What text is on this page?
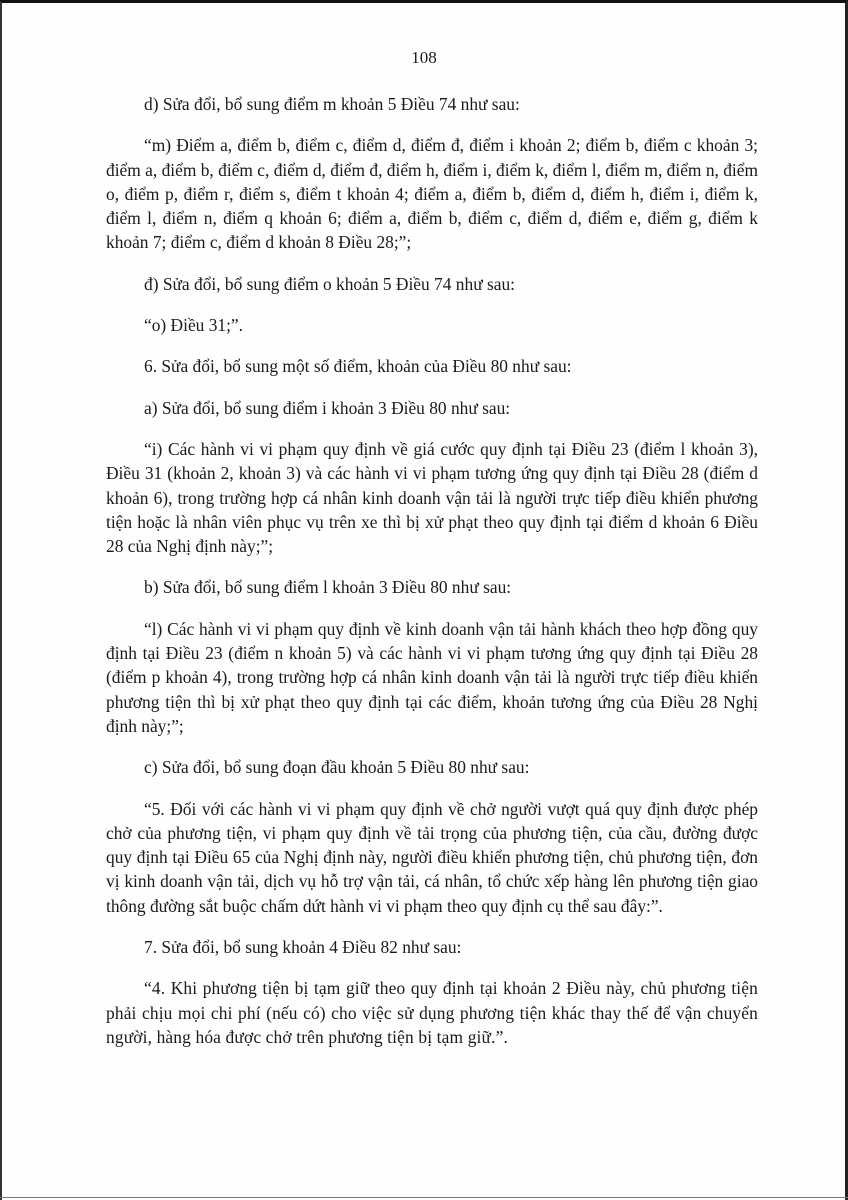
108

d) Sửa đổi, bổ sung điểm m khoản 5 Điều 74 như sau:

“m) Điểm a, điểm b, điểm c, điểm d, điểm đ, điểm i khoản 2; điểm b, điểm c khoản 3; điểm a, điểm b, điểm c, điểm d, điểm đ, điểm h, điểm i, điểm k, điểm l, điểm m, điểm n, điểm o, điểm p, điểm r, điểm s, điểm t khoản 4; điểm a, điểm b, điểm d, điểm h, điểm i, điểm k, điểm l, điểm n, điểm q khoản 6; điểm a, điểm b, điểm c, điểm d, điểm e, điểm g, điểm k khoản 7; điểm c, điểm d khoản 8 Điều 28;”;

đ) Sửa đổi, bổ sung điểm o khoản 5 Điều 74 như sau:

“o) Điều 31;”.

6. Sửa đổi, bổ sung một số điểm, khoản của Điều 80 như sau:

a) Sửa đổi, bổ sung điểm i khoản 3 Điều 80 như sau:

“i) Các hành vi vi phạm quy định về giá cước quy định tại Điều 23 (điểm l khoản 3), Điều 31 (khoản 2, khoản 3) và các hành vi vi phạm tương ứng quy định tại Điều 28 (điểm d khoản 6), trong trường hợp cá nhân kinh doanh vận tải là người trực tiếp điều khiển phương tiện hoặc là nhân viên phục vụ trên xe thì bị xử phạt theo quy định tại điểm d khoản 6 Điều 28 của Nghị định này;”;

b) Sửa đổi, bổ sung điểm l khoản 3 Điều 80 như sau:

“l) Các hành vi vi phạm quy định về kinh doanh vận tải hành khách theo hợp đồng quy định tại Điều 23 (điểm n khoản 5) và các hành vi vi phạm tương ứng quy định tại Điều 28 (điểm p khoản 4), trong trường hợp cá nhân kinh doanh vận tải là người trực tiếp điều khiển phương tiện thì bị xử phạt theo quy định tại các điểm, khoản tương ứng của Điều 28 Nghị định này;”;

c) Sửa đổi, bổ sung đoạn đầu khoản 5 Điều 80 như sau:

“5. Đối với các hành vi vi phạm quy định về chở người vượt quá quy định được phép chở của phương tiện, vi phạm quy định về tải trọng của phương tiện, của cầu, đường được quy định tại Điều 65 của Nghị định này, người điều khiển phương tiện, chủ phương tiện, đơn vị kinh doanh vận tải, dịch vụ hỗ trợ vận tải, cá nhân, tổ chức xếp hàng lên phương tiện giao thông đường sắt buộc chấm dứt hành vi vi phạm theo quy định cụ thể sau đây:”.

7. Sửa đổi, bổ sung khoản 4 Điều 82 như sau:

“4. Khi phương tiện bị tạm giữ theo quy định tại khoản 2 Điều này, chủ phương tiện phải chịu mọi chi phí (nếu có) cho việc sử dụng phương tiện khác thay thế để vận chuyển người, hàng hóa được chở trên phương tiện bị tạm giữ.”.
